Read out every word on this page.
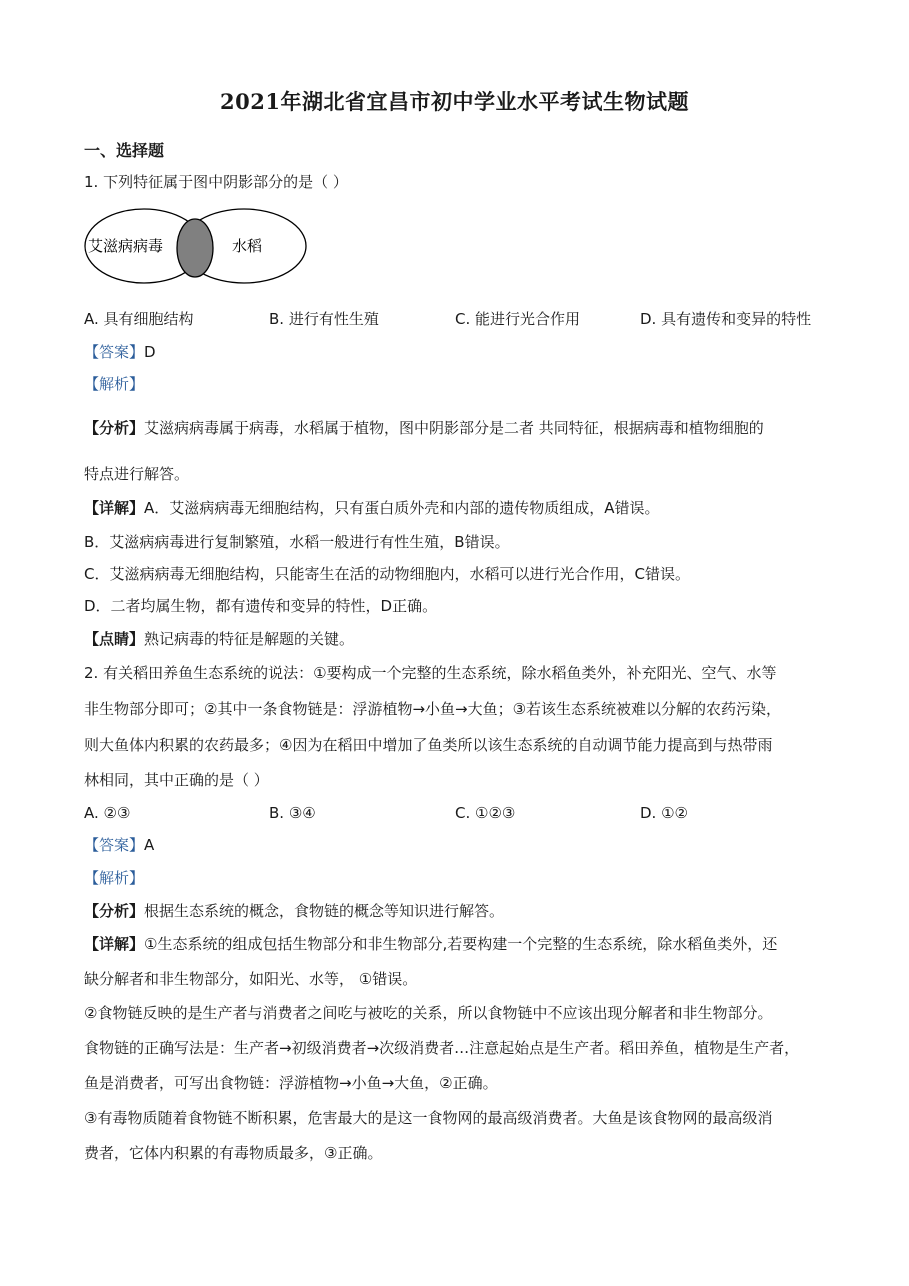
2021年湖北省宜昌市初中学业水平考试生物试题
一、选择题
1. 下列特征属于图中阴影部分的是（ ）
艾滋病病毒	水稻
A. 具有细胞结构	B. 进行有性生殖	C. 能进行光合作用	D. 具有遗传和变异的特性
【答案】D
【解析】
【分析】艾滋病病毒属于病毒，水稻属于植物，图中阴影部分是二者 共同特征，根据病毒和植物细胞的
特点进行解答。
【详解】A．艾滋病病毒无细胞结构，只有蛋白质外壳和内部的遗传物质组成，A错误。
B．艾滋病病毒进行复制繁殖，水稻一般进行有性生殖，B错误。
C．艾滋病病毒无细胞结构，只能寄生在活的动物细胞内，水稻可以进行光合作用，C错误。
D．二者均属生物，都有遗传和变异的特性，D正确。
【点睛】熟记病毒的特征是解题的关键。
2. 有关稻田养鱼生态系统的说法：①要构成一个完整的生态系统，除水稻鱼类外，补充阳光、空气、水等
非生物部分即可；②其中一条食物链是：浮游植物→小鱼→大鱼；③若该生态系统被难以分解的农药污染，
则大鱼体内积累的农药最多；④因为在稻田中增加了鱼类所以该生态系统的自动调节能力提高到与热带雨
林相同，其中正确的是（ ）
A. ②③	B. ③④	C. ①②③	D. ①②
【答案】A
【解析】
【分析】根据生态系统的概念，食物链的概念等知识进行解答。
【详解】①生态系统的组成包括生物部分和非生物部分,若要构建一个完整的生态系统，除水稻鱼类外，还
缺分解者和非生物部分，如阳光、水等， ①错误。
②食物链反映的是生产者与消费者之间吃与被吃的关系，所以食物链中不应该出现分解者和非生物部分。
食物链的正确写法是：生产者→初级消费者→次级消费者…注意起始点是生产者。稻田养鱼，植物是生产者，
鱼是消费者，可写出食物链：浮游植物→小鱼→大鱼，②正确。
③有毒物质随着食物链不断积累，危害最大的是这一食物网的最高级消费者。大鱼是该食物网的最高级消
费者，它体内积累的有毒物质最多，③正确。
